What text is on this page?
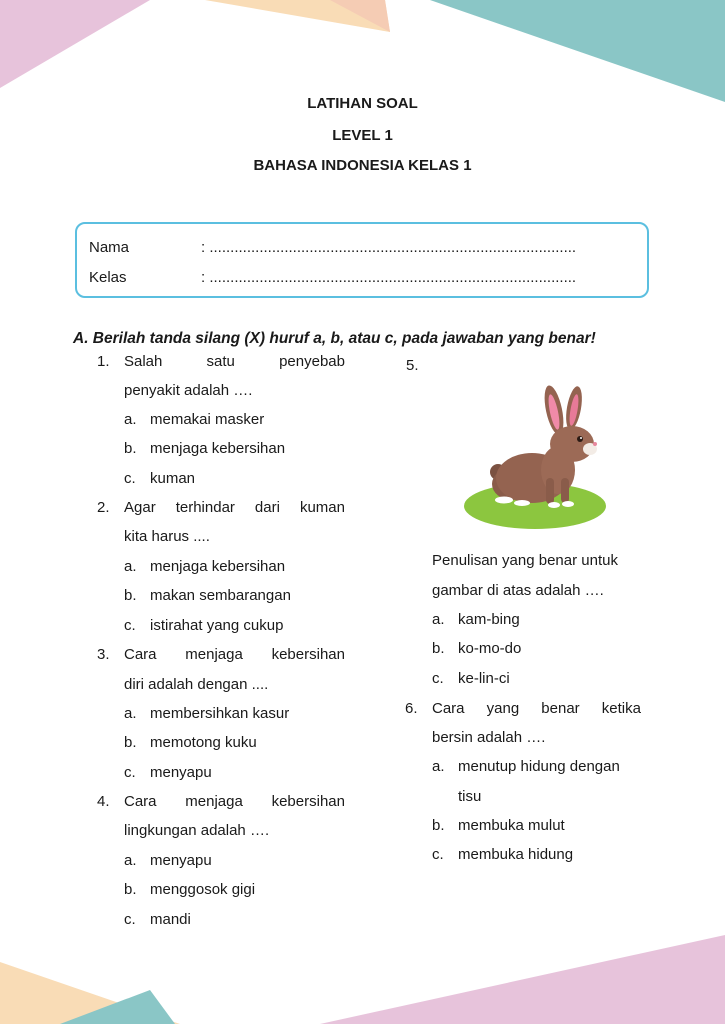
LATIHAN SOAL
LEVEL 1
BAHASA INDONESIA KELAS 1
Nama	: ........................................................................................
Kelas	: ........................................................................................
A. Berilah tanda silang (X) huruf a, b, atau c, pada jawaban yang benar!
1. Salah	satu	penyebab
penyakit adalah ….
a. memakai masker
b. menjaga kebersihan
c. kuman
2. Agar terhindar dari kuman
kita harus ....
a. menjaga kebersihan
b. makan sembarangan
c. istirahat yang cukup
3. Cara menjaga kebersihan
diri adalah dengan ....
a. membersihkan kasur
b. memotong kuku
c. menyapu
4. Cara menjaga kebersihan
lingkungan adalah ….
a. menyapu
b. menggosok gigi
c. mandi
5.
Penulisan yang benar untuk
gambar di atas adalah ….
a. kam-bing
b. ko-mo-do
c. ke-lin-ci
6. Cara yang benar ketika
bersin adalah ….
a. menutup hidung dengan
tisu
b. membuka mulut
c. membuka hidung
